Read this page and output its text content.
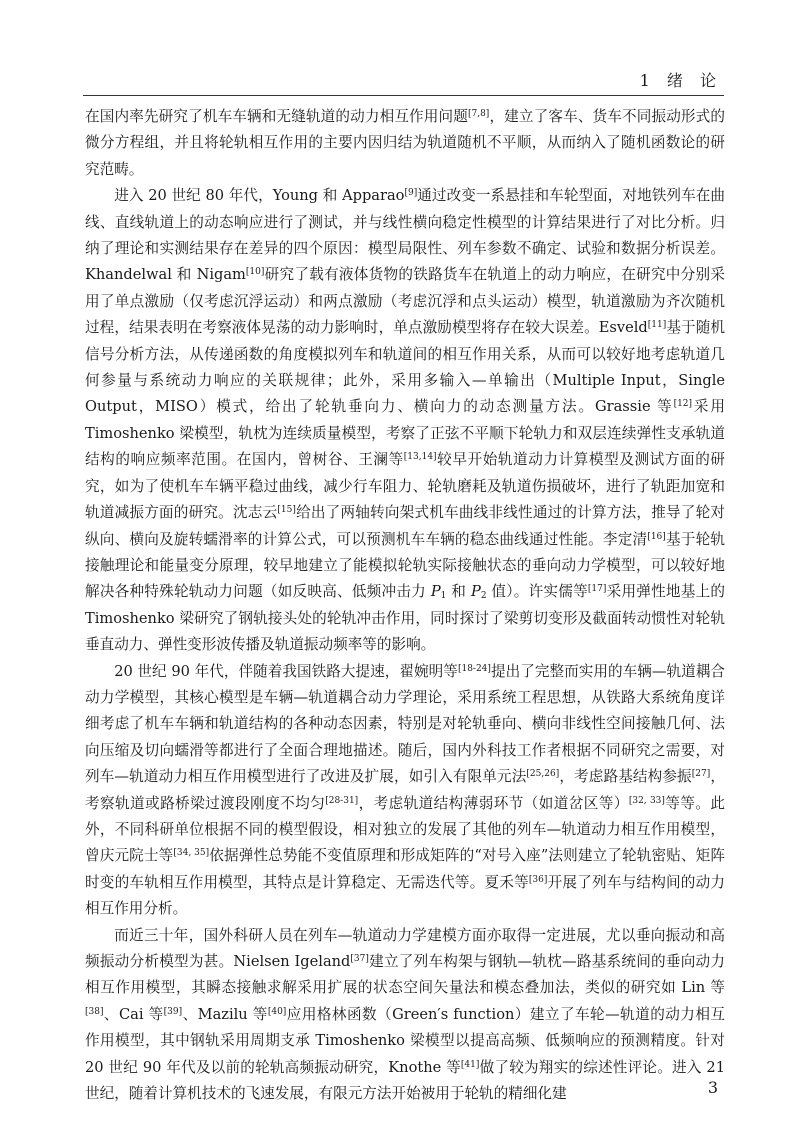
1 绪 论

在国内率先研究了机车车辆和无缝轨道的动力相互作用问题[7,8]，建立了客车、货车不同振动形式的微分方程组，并且将轮轨相互作用的主要内因归结为轨道随机不平顺，从而纳入了随机函数论的研究范畴。

进入 20 世纪 80 年代，Young 和 Apparao[9]通过改变一系悬挂和车轮型面，对地铁列车在曲线、直线轨道上的动态响应进行了测试，并与线性横向稳定性模型的计算结果进行了对比分析。归纳了理论和实测结果存在差异的四个原因：模型局限性、列车参数不确定、试验和数据分析误差。Khandelwal 和 Nigam[10]研究了载有液体货物的铁路货车在轨道上的动力响应，在研究中分别采用了单点激励（仅考虑沉浮运动）和两点激励（考虑沉浮和点头运动）模型，轨道激励为齐次随机过程，结果表明在考察液体晃荡的动力影响时，单点激励模型将存在较大误差。Esveld[11]基于随机信号分析方法，从传递函数的角度模拟列车和轨道间的相互作用关系，从而可以较好地考虑轨道几何参量与系统动力响应的关联规律；此外，采用多输入—单输出（Multiple Input，Single Output，MISO）模式，给出了轮轨垂向力、横向力的动态测量方法。Grassie 等[12]采用 Timoshenko 梁模型，轨枕为连续质量模型，考察了正弦不平顺下轮轨力和双层连续弹性支承轨道结构的响应频率范围。在国内，曾树谷、王澜等[13,14]较早开始轨道动力计算模型及测试方面的研究，如为了使机车车辆平稳过曲线，减少行车阻力、轮轨磨耗及轨道伤损破坏，进行了轨距加宽和轨道减振方面的研究。沈志云[15]给出了两轴转向架式机车曲线非线性通过的计算方法，推导了轮对纵向、横向及旋转蠕滑率的计算公式，可以预测机车车辆的稳态曲线通过性能。李定清[16]基于轮轨接触理论和能量变分原理，较早地建立了能模拟轮轨实际接触状态的垂向动力学模型，可以较好地解决各种特殊轮轨动力问题（如反映高、低频冲击力 $P_1$ 和 $P_2$ 值）。许实儒等[17]采用弹性地基上的 Timoshenko 梁研究了钢轨接头处的轮轨冲击作用，同时探讨了梁剪切变形及截面转动惯性对轮轨垂直动力、弹性变形波传播及轨道振动频率等的影响。

20 世纪 90 年代，伴随着我国铁路大提速，翟婉明等[18-24]提出了完整而实用的车辆—轨道耦合动力学模型，其核心模型是车辆—轨道耦合动力学理论，采用系统工程思想，从铁路大系统角度详细考虑了机车车辆和轨道结构的各种动态因素，特别是对轮轨垂向、横向非线性空间接触几何、法向压缩及切向蠕滑等都进行了全面合理地描述。随后，国内外科技工作者根据不同研究之需要，对列车—轨道动力相互作用模型进行了改进及扩展，如引入有限单元法[25,26]，考虑路基结构参振[27]，考察轨道或路桥梁过渡段刚度不均匀[28-31]，考虑轨道结构薄弱环节（如道岔区等）[32, 33]等等。此外，不同科研单位根据不同的模型假设，相对独立的发展了其他的列车—轨道动力相互作用模型，曾庆元院士等[34, 35]依据弹性总势能不变值原理和形成矩阵的“对号入座”法则建立了轮轨密贴、矩阵时变的车轨相互作用模型，其特点是计算稳定、无需迭代等。夏禾等[36]开展了列车与结构间的动力相互作用分析。

而近三十年，国外科研人员在列车—轨道动力学建模方面亦取得一定进展，尤以垂向振动和高频振动分析模型为甚。Nielsen Igeland[37]建立了列车构架与钢轨—轨枕—路基系统间的垂向动力相互作用模型，其瞬态接触求解采用扩展的状态空间矢量法和模态叠加法，类似的研究如 Lin 等[38]、Cai 等[39]、Mazilu 等[40]应用格林函数（Green′s function）建立了车轮—轨道的动力相互作用模型，其中钢轨采用周期支承 Timoshenko 梁模型以提高高频、低频响应的预测精度。针对 20 世纪 90 年代及以前的轮轨高频振动研究，Knothe 等[41]做了较为翔实的综述性评论。进入 21 世纪，随着计算机技术的飞速发展，有限元方法开始被用于轮轨的精细化建	3
